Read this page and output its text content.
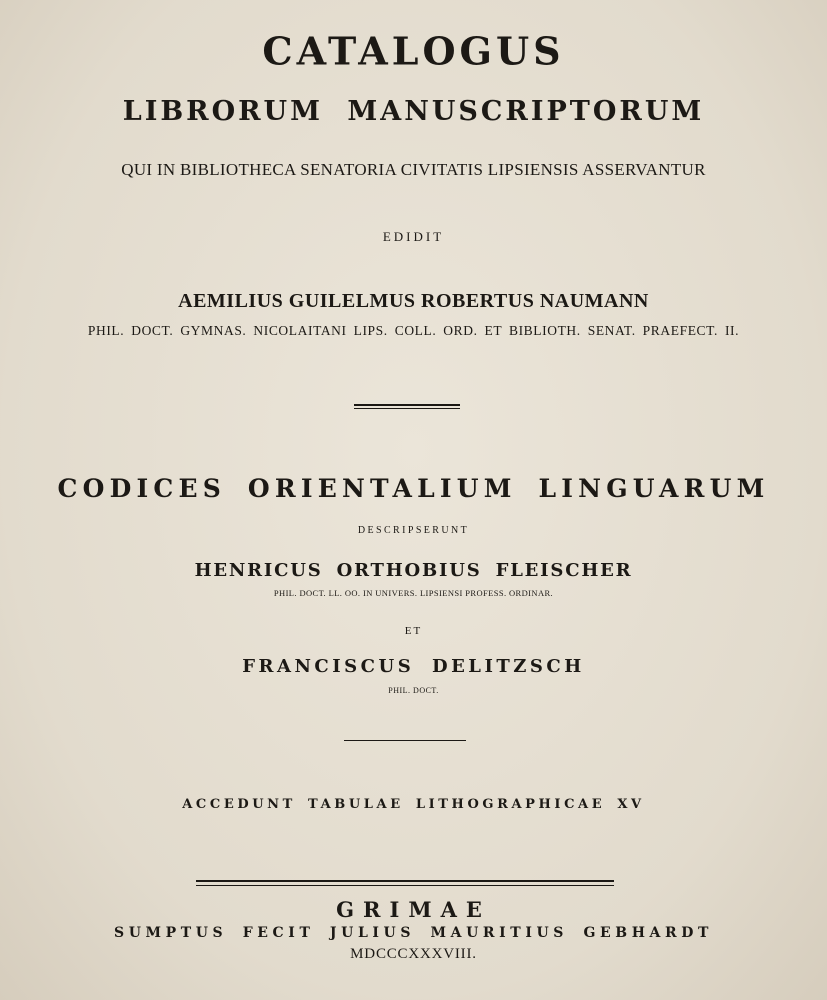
CATALOGUS

LIBRORUM MANUSCRIPTORUM

QUI IN BIBLIOTHECA SENATORIA CIVITATIS LIPSIENSIS ASSERVANTUR

EDIDIT

AEMILIUS GUILELMUS ROBERTUS NAUMANN

PHIL. DOCT. GYMNAS. NICOLAITANI LIPS. COLL. ORD. ET BIBLIOTH. SENAT. PRAEFECT. II.

CODICES ORIENTALIUM LINGUARUM

DESCRIPSERUNT

HENRICUS ORTHOBIUS FLEISCHER

PHIL. DOCT. LL. OO. IN UNIVERS. LIPSIENSI PROFESS. ORDINAR.

ET

FRANCISCUS DELITZSCH

PHIL. DOCT.

ACCEDUNT TABULAE LITHOGRAPHICAE XV

GRIMAE

SUMPTUS FECIT JULIUS MAURITIUS GEBHARDT

MDCCCXXXVIII.
